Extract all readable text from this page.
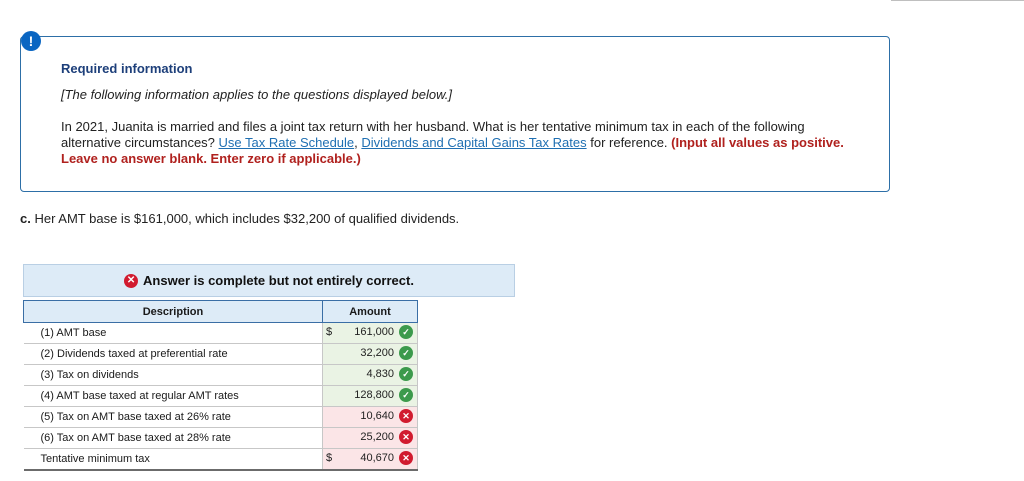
Required information
[The following information applies to the questions displayed below.]
In 2021, Juanita is married and files a joint tax return with her husband. What is her tentative minimum tax in each of the following alternative circumstances? Use Tax Rate Schedule, Dividends and Capital Gains Tax Rates for reference. (Input all values as positive. Leave no answer blank. Enter zero if applicable.)
!
c. Her AMT base is $161,000, which includes $32,200 of qualified dividends.
✕ Answer is complete but not entirely correct.
Description	Amount
(1) AMT base	$ 161,000 ✓

(2) Dividends taxed at preferential rate	32,200 ✓

(3) Tax on dividends	4,830 ✓

(4) AMT base taxed at regular AMT rates	128,800 ✓

(5) Tax on AMT base taxed at 26% rate	10,640 ✕

(6) Tax on AMT base taxed at 28% rate	25,200 ✕

Tentative minimum tax	$ 40,670 ✕
